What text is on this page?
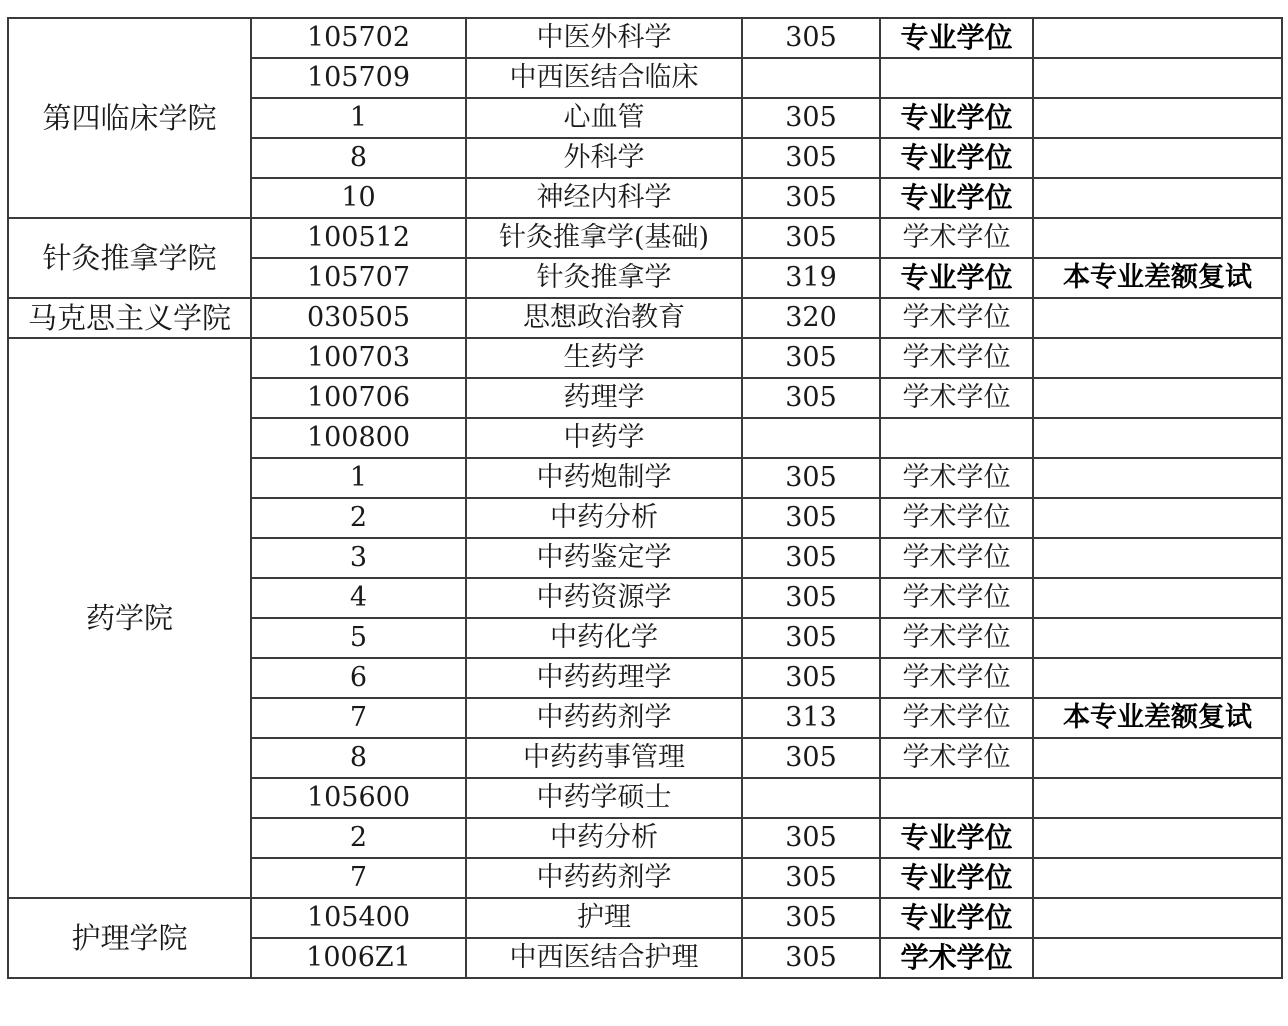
第四临床学院	105702	中医外科学	305	专业学位	
	105709	中西医结合临床			
	1	心血管	305	专业学位	
	8	外科学	305	专业学位	
	10	神经内科学	305	专业学位	
针灸推拿学院	100512	针灸推拿学(基础)	305	学术学位	
	105707	针灸推拿学	319	专业学位	本专业差额复试
马克思主义学院	030505	思想政治教育	320	学术学位	
药学院	100703	生药学	305	学术学位	
	100706	药理学	305	学术学位	
	100800	中药学			
	1	中药炮制学	305	学术学位	
	2	中药分析	305	学术学位	
	3	中药鉴定学	305	学术学位	
	4	中药资源学	305	学术学位	
	5	中药化学	305	学术学位	
	6	中药药理学	305	学术学位	
	7	中药药剂学	313	学术学位	本专业差额复试
	8	中药药事管理	305	学术学位	
	105600	中药学硕士			
	2	中药分析	305	专业学位	
	7	中药药剂学	305	专业学位	
护理学院	105400	护理	305	专业学位	
	1006Z1	中西医结合护理	305	学术学位	
